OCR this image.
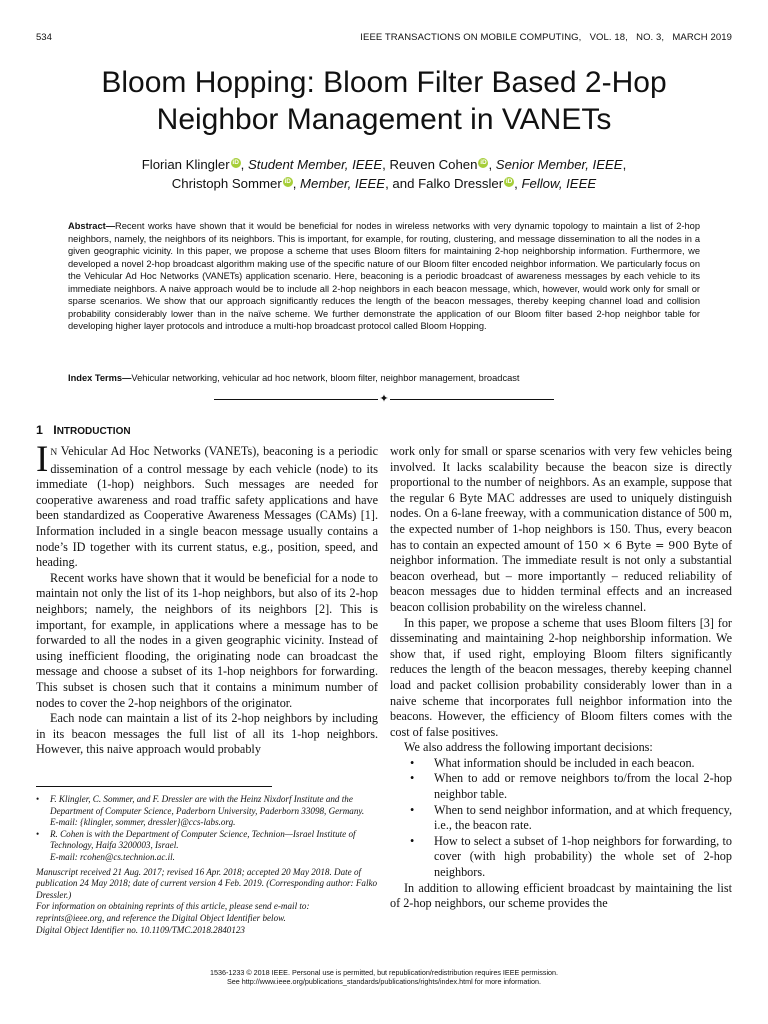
534	IEEE TRANSACTIONS ON MOBILE COMPUTING,   VOL. 18,   NO. 3,   MARCH 2019
Bloom Hopping: Bloom Filter Based 2-Hop
Neighbor Management in VANETs
Florian Klingler iD , Student Member, IEEE, Reuven Cohen iD , Senior Member, IEEE,
Christoph Sommer iD , Member, IEEE, and Falko Dressler iD , Fellow, IEEE
Abstract—Recent works have shown that it would be beneficial for nodes in wireless networks with very dynamic topology to maintain a list of 2-hop neighbors, namely, the neighbors of its neighbors. This is important, for example, for routing, clustering, and message dissemination to all the nodes in a given geographic vicinity. In this paper, we propose a scheme that uses Bloom filters for maintaining 2-hop neighborship information. Furthermore, we developed a novel 2-hop broadcast algorithm making use of the specific nature of our Bloom filter encoded neighbor information. We particularly focus on the Vehicular Ad Hoc Networks (VANETs) application scenario. Here, beaconing is a periodic broadcast of awareness messages by each vehicle to its immediate neighbors. A naive approach would be to include all 2-hop neighbors in each beacon message, which, however, would work only for small or sparse scenarios. We show that our approach significantly reduces the length of the beacon messages, thereby keeping channel load and collision probability considerably lower than in the naïve scheme. We further demonstrate the application of our Bloom filter based 2-hop neighbor table for developing higher layer protocols and introduce a multi-hop broadcast protocol called Bloom Hopping.
Index Terms—Vehicular networking, vehicular ad hoc network, bloom filter, neighbor management, broadcast
✦
1 INTRODUCTION

I N Vehicular Ad Hoc Networks (VANETs), beaconing is a periodic dissemination of a control message by each vehicle (node) to its immediate (1-hop) neighbors. Such messages are needed for cooperative awareness and road traffic safety applications and have been standardized as Cooperative Awareness Messages (CAMs) [1]. Information included in a single beacon message usually contains a node’s ID together with its current status, e.g., position, speed, and heading.

Recent works have shown that it would be beneficial for a node to maintain not only the list of its 1-hop neighbors, but also of its 2-hop neighbors; namely, the neighbors of its neighbors [2]. This is important, for example, in applications where a message has to be forwarded to all the nodes in a given geographic vicinity. Instead of using inefficient flooding, the originating node can broadcast the message and choose a subset of its 1-hop neighbors for forwarding. This subset is chosen such that it contains a minimum number of nodes to cover the 2-hop neighbors of the originator.

Each node can maintain a list of its 2-hop neighbors by including in its beacon messages the full list of all its 1-hop neighbors. However, this naive approach would probably

• F. Klingler, C. Sommer, and F. Dressler are with the Heinz Nixdorf Institute and the Department of Computer Science, Paderborn University, Paderborn 33098, Germany.
E-mail: {klingler, sommer, dressler}@ccs-labs.org.

• R. Cohen is with the Department of Computer Science, Technion—Israel Institute of Technology, Haifa 3200003, Israel.
E-mail: rcohen@cs.technion.ac.il.

Manuscript received 21 Aug. 2017; revised 16 Apr. 2018; accepted 20 May 2018. Date of publication 24 May 2018; date of current version 4 Feb. 2019. (Corresponding author: Falko Dressler.)

For information on obtaining reprints of this article, please send e-mail to: reprints@ieee.org, and reference the Digital Object Identifier below.

Digital Object Identifier no. 10.1109/TMC.2018.2840123

work only for small or sparse scenarios with very few vehicles being involved. It lacks scalability because the beacon size is directly proportional to the number of neighbors. As an example, suppose that the regular 6 Byte MAC addresses are used to uniquely distinguish nodes. On a 6-lane freeway, with a communication distance of 500 m, the expected number of 1-hop neighbors is 150. Thus, every beacon has to contain an expected amount of 150 × 6 Byte = 900 Byte of neighbor information. The immediate result is not only a substantial beacon overhead, but – more importantly – reduced reliability of beacon messages due to hidden terminal effects and an increased beacon collision probability on the wireless channel.

In this paper, we propose a scheme that uses Bloom filters [3] for disseminating and maintaining 2-hop neighborship information. We show that, if used right, employing Bloom filters significantly reduces the length of the beacon messages, thereby keeping channel load and packet collision probability considerably lower than in a naive scheme that incorporates full neighbor information into the beacons. However, the efficiency of Bloom filters comes with the cost of false positives.

We also address the following important decisions:

• What information should be included in each beacon.
• When to add or remove neighbors to/from the local 2-hop neighbor table.
• When to send neighbor information, and at which frequency, i.e., the beacon rate.
• How to select a subset of 1-hop neighbors for forwarding, to cover (with high probability) the whole set of 2-hop neighbors.

In addition to allowing efficient broadcast by maintaining the list of 2-hop neighbors, our scheme provides the

1536-1233 © 2018 IEEE. Personal use is permitted, but republication/redistribution requires IEEE permission.
See http://www.ieee.org/publications_standards/publications/rights/index.html for more information.
